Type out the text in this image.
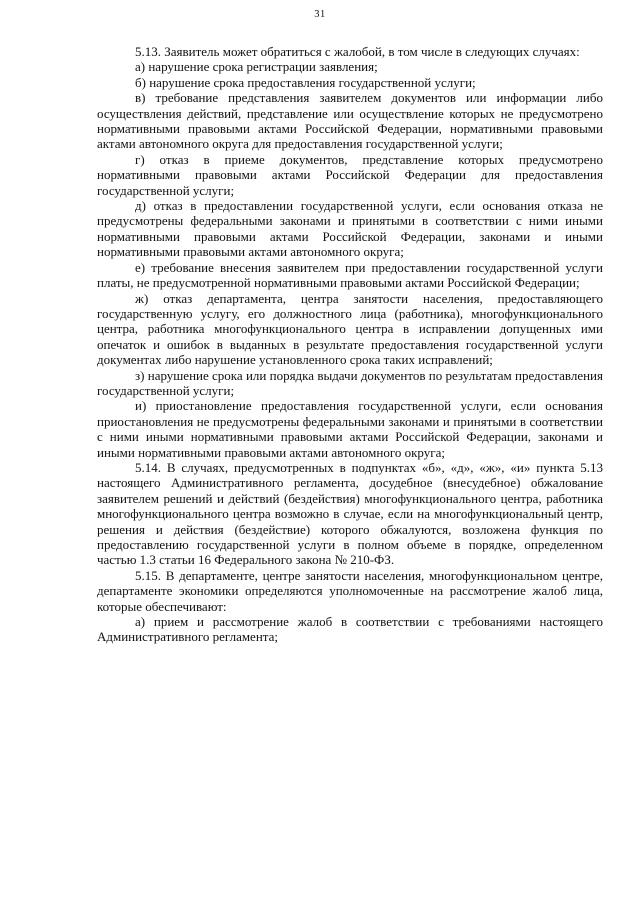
31

5.13. Заявитель может обратиться с жалобой, в том числе в следующих случаях:

а) нарушение срока регистрации заявления;

б) нарушение срока предоставления государственной услуги;

в) требование представления заявителем документов или информации либо осуществления действий, представление или осуществление которых не предусмотрено нормативными правовыми актами Российской Федерации, нормативными правовыми актами автономного округа для предоставления государственной услуги;

г) отказ в приеме документов, представление которых предусмотрено нормативными правовыми актами Российской Федерации для предоставления государственной услуги;

д) отказ в предоставлении государственной услуги, если основания отказа не предусмотрены федеральными законами и принятыми в соответствии с ними иными нормативными правовыми актами Российской Федерации, законами и иными нормативными правовыми актами автономного округа;

е) требование внесения заявителем при предоставлении государственной услуги платы, не предусмотренной нормативными правовыми актами Российской Федерации;

ж) отказ департамента, центра занятости населения, предоставляющего государственную услугу, его должностного лица (работника), многофункционального центра, работника многофункционального центра в исправлении допущенных ими опечаток и ошибок в выданных в результате предоставления государственной услуги документах либо нарушение установленного срока таких исправлений;

з) нарушение срока или порядка выдачи документов по результатам предоставления государственной услуги;

и) приостановление предоставления государственной услуги, если основания приостановления не предусмотрены федеральными законами и принятыми в соответствии с ними иными нормативными правовыми актами Российской Федерации, законами и иными нормативными правовыми актами автономного округа;

5.14. В случаях, предусмотренных в подпунктах «б», «д», «ж», «и» пункта 5.13 настоящего Административного регламента, досудебное (внесудебное) обжалование заявителем решений и действий (бездействия) многофункционального центра, работника многофункционального центра возможно в случае, если на многофункциональный центр, решения и действия (бездействие) которого обжалуются, возложена функция по предоставлению государственной услуги в полном объеме в порядке, определенном частью 1.3 статьи 16 Федерального закона № 210-ФЗ.

5.15. В департаменте, центре занятости населения, многофункциональном центре, департаменте экономики определяются уполномоченные на рассмотрение жалоб лица, которые обеспечивают:

а) прием и рассмотрение жалоб в соответствии с требованиями настоящего Административного регламента;
